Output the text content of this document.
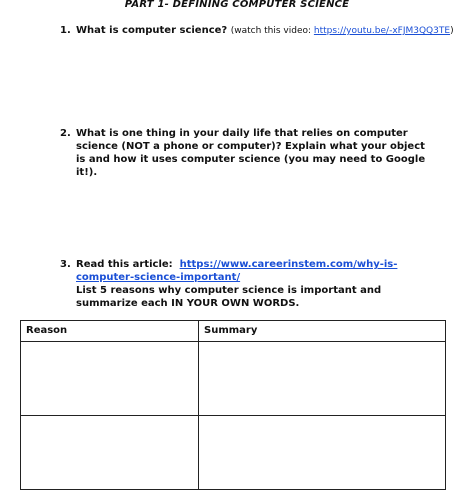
PART 1- DEFINING COMPUTER SCIENCE
1. What is computer science? (watch this video: https://youtu.be/-xFJM3QQ3TE)
2. What is one thing in your daily life that relies on computer science (NOT a phone or computer)? Explain what your object is and how it uses computer science (you may need to Google it!).
3. Read this article: https://www.careerinstem.com/why-is-computer-science-important/
List 5 reasons why computer science is important and summarize each IN YOUR OWN WORDS.
Reason	Summary
